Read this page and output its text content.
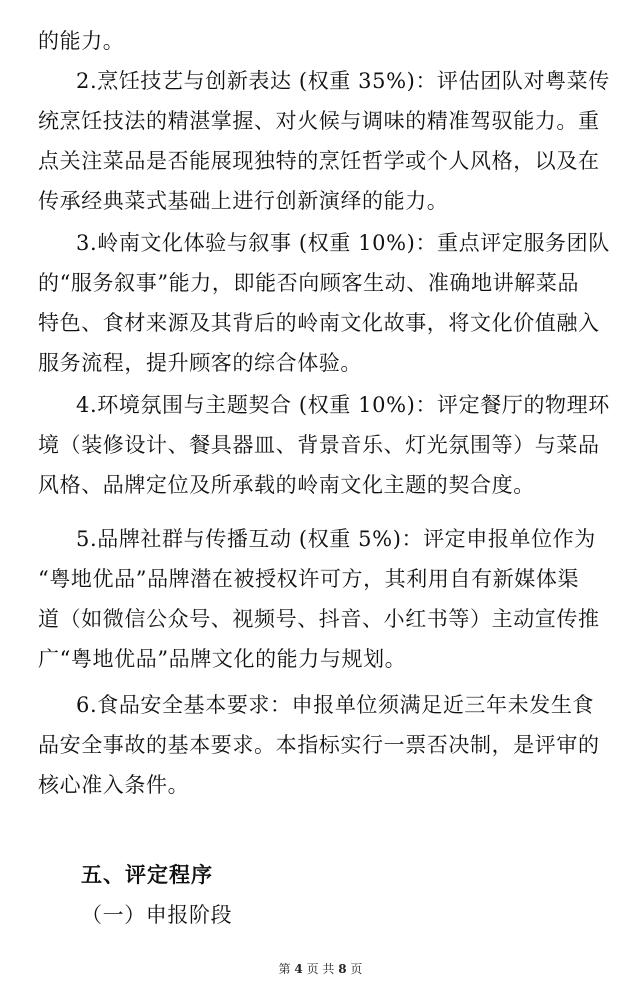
的能力。
2.烹饪技艺与创新表达 (权重 35%)：评估团队对粤菜传
统烹饪技法的精湛掌握、对火候与调味的精准驾驭能力。重
点关注菜品是否能展现独特的烹饪哲学或个人风格，以及在
传承经典菜式基础上进行创新演绎的能力。
3.岭南文化体验与叙事 (权重 10%)：重点评定服务团队
的“服务叙事”能力，即能否向顾客生动、准确地讲解菜品
特色、食材来源及其背后的岭南文化故事，将文化价值融入
服务流程，提升顾客的综合体验。
4.环境氛围与主题契合 (权重 10%)：评定餐厅的物理环
境（装修设计、餐具器皿、背景音乐、灯光氛围等）与菜品
风格、品牌定位及所承载的岭南文化主题的契合度。
5.品牌社群与传播互动 (权重 5%)：评定申报单位作为
“粤地优品”品牌潜在被授权许可方，其利用自有新媒体渠
道（如微信公众号、视频号、抖音、小红书等）主动宣传推
广“粤地优品”品牌文化的能力与规划。
6.食品安全基本要求：申报单位须满足近三年未发生食
品安全事故的基本要求。本指标实行一票否决制，是评审的
核心准入条件。
五、评定程序
（一）申报阶段
第 4 页 共 8 页
